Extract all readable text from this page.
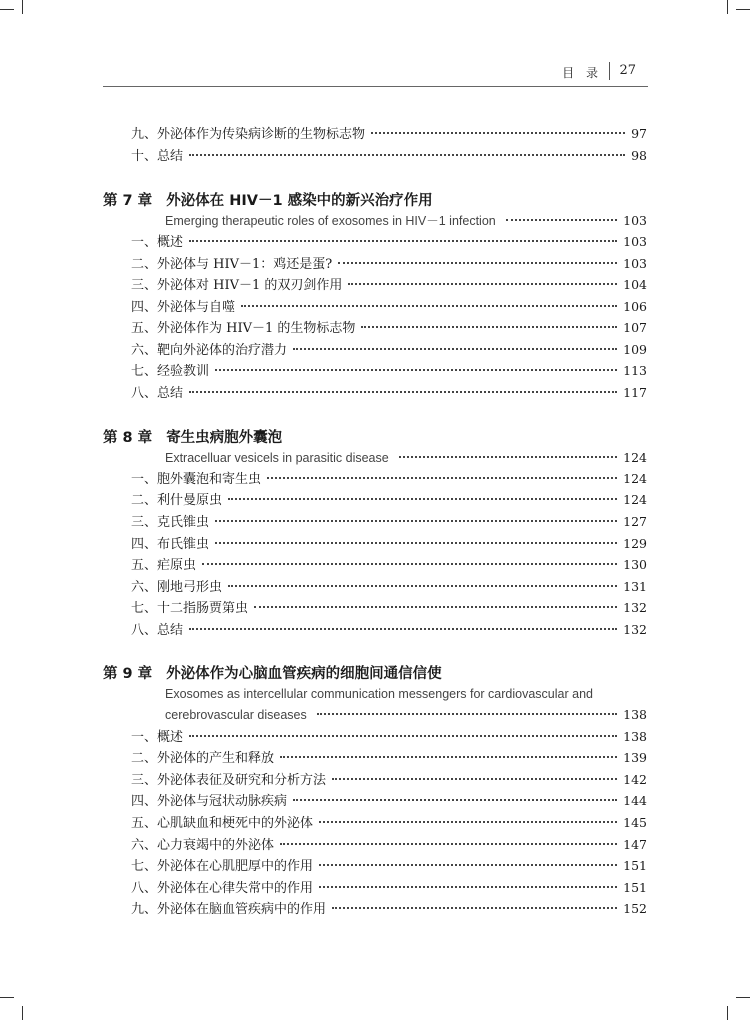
目 录 27
九、外泌体作为传染病诊断的生物标志物	97
十、总结	98
第 7 章 外泌体在 HIV－1 感染中的新兴治疗作用
Emerging therapeutic roles of exosomes in HIV－1 infection	103
一、概述	103
二、外泌体与 HIV－1：鸡还是蛋?	103
三、外泌体对 HIV－1 的双刃剑作用	104
四、外泌体与自噬	106
五、外泌体作为 HIV－1 的生物标志物	107
六、靶向外泌体的治疗潜力	109
七、经验教训	113
八、总结	117
第 8 章 寄生虫病胞外囊泡
Extracelluar vesicels in parasitic disease	124
一、胞外囊泡和寄生虫	124
二、利什曼原虫	124
三、克氏锥虫	127
四、布氏锥虫	129
五、疟原虫	130
六、刚地弓形虫	131
七、十二指肠贾第虫	132
八、总结	132
第 9 章 外泌体作为心脑血管疾病的细胞间通信信使
Exosomes as intercellular communication messengers for cardiovascular and
cerebrovascular diseases	138
一、概述	138
二、外泌体的产生和释放	139
三、外泌体表征及研究和分析方法	142
四、外泌体与冠状动脉疾病	144
五、心肌缺血和梗死中的外泌体	145
六、心力衰竭中的外泌体	147
七、外泌体在心肌肥厚中的作用	151
八、外泌体在心律失常中的作用	151
九、外泌体在脑血管疾病中的作用	152
